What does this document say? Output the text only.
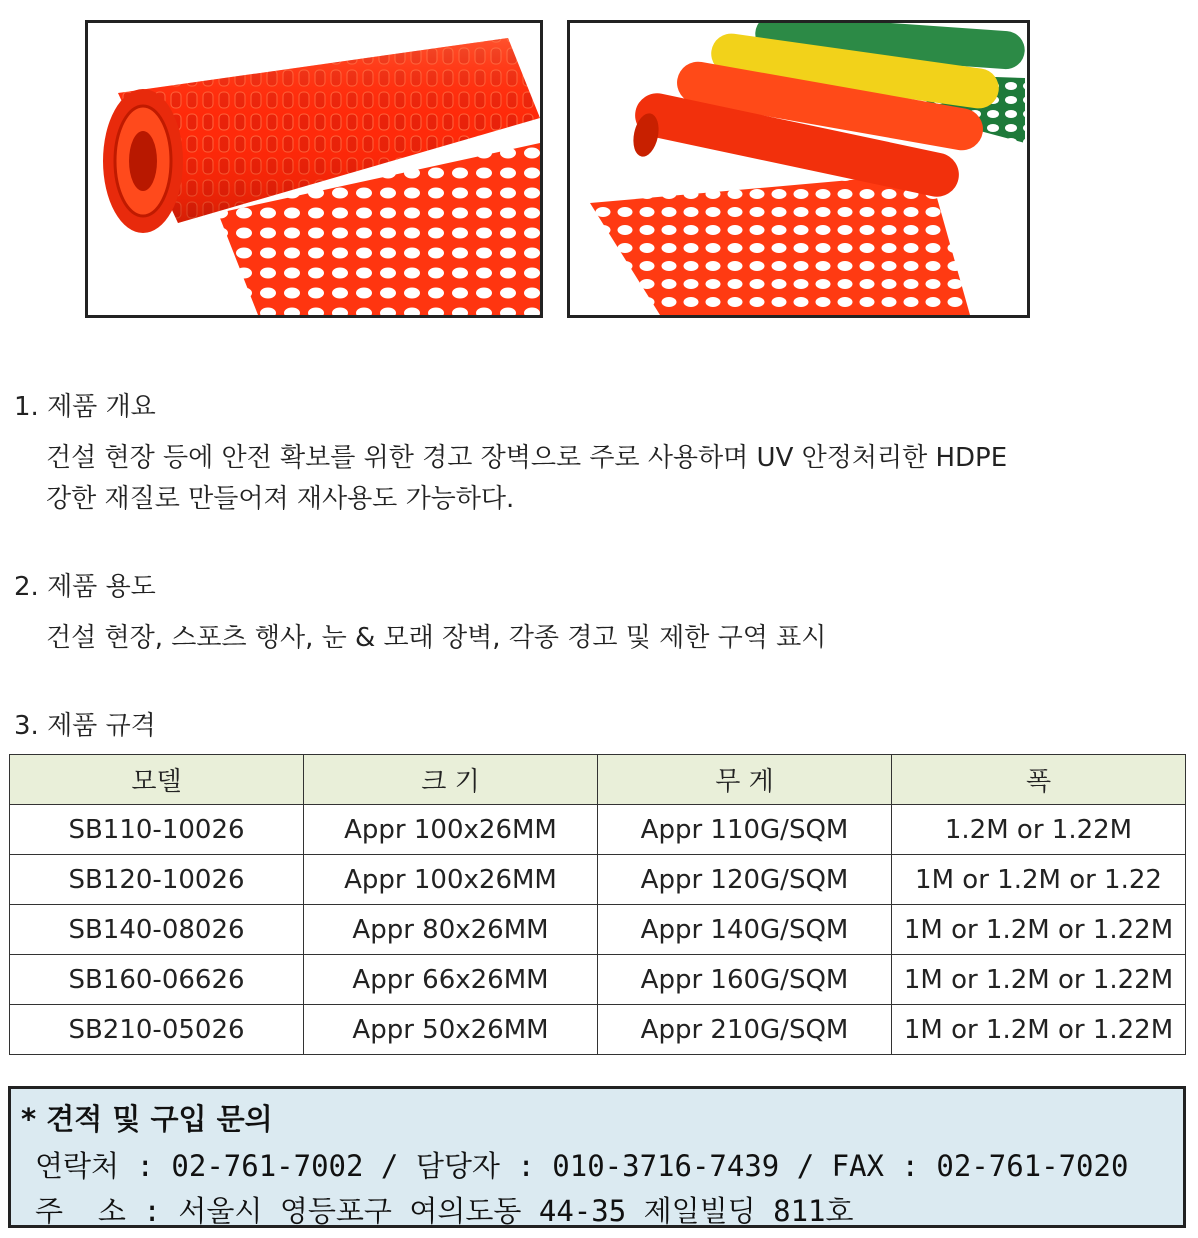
1. 제품 개요
건설 현장 등에 안전 확보를 위한 경고 장벽으로 주로 사용하며 UV 안정처리한 HDPE
강한 재질로 만들어져 재사용도 가능하다.
2. 제품 용도
건설 현장, 스포츠 행사, 눈 & 모래 장벽, 각종 경고 및 제한 구역 표시
3. 제품 규격
모델	크 기	무 게	폭
SB110-10026	Appr 100x26MM	Appr 110G/SQM	1.2M or 1.22M
SB120-10026	Appr 100x26MM	Appr 120G/SQM	1M or 1.2M or 1.22
SB140-08026	Appr 80x26MM	Appr 140G/SQM	1M or 1.2M or 1.22M
SB160-06626	Appr 66x26MM	Appr 160G/SQM	1M or 1.2M or 1.22M
SB210-05026	Appr 50x26MM	Appr 210G/SQM	1M or 1.2M or 1.22M
* 견적 및 구입 문의
연락처 : 02-761-7002 / 담당자 : 010-3716-7439 / FAX : 02-761-7020
주  소 : 서울시 영등포구 여의도동 44-35 제일빌딩 811호
